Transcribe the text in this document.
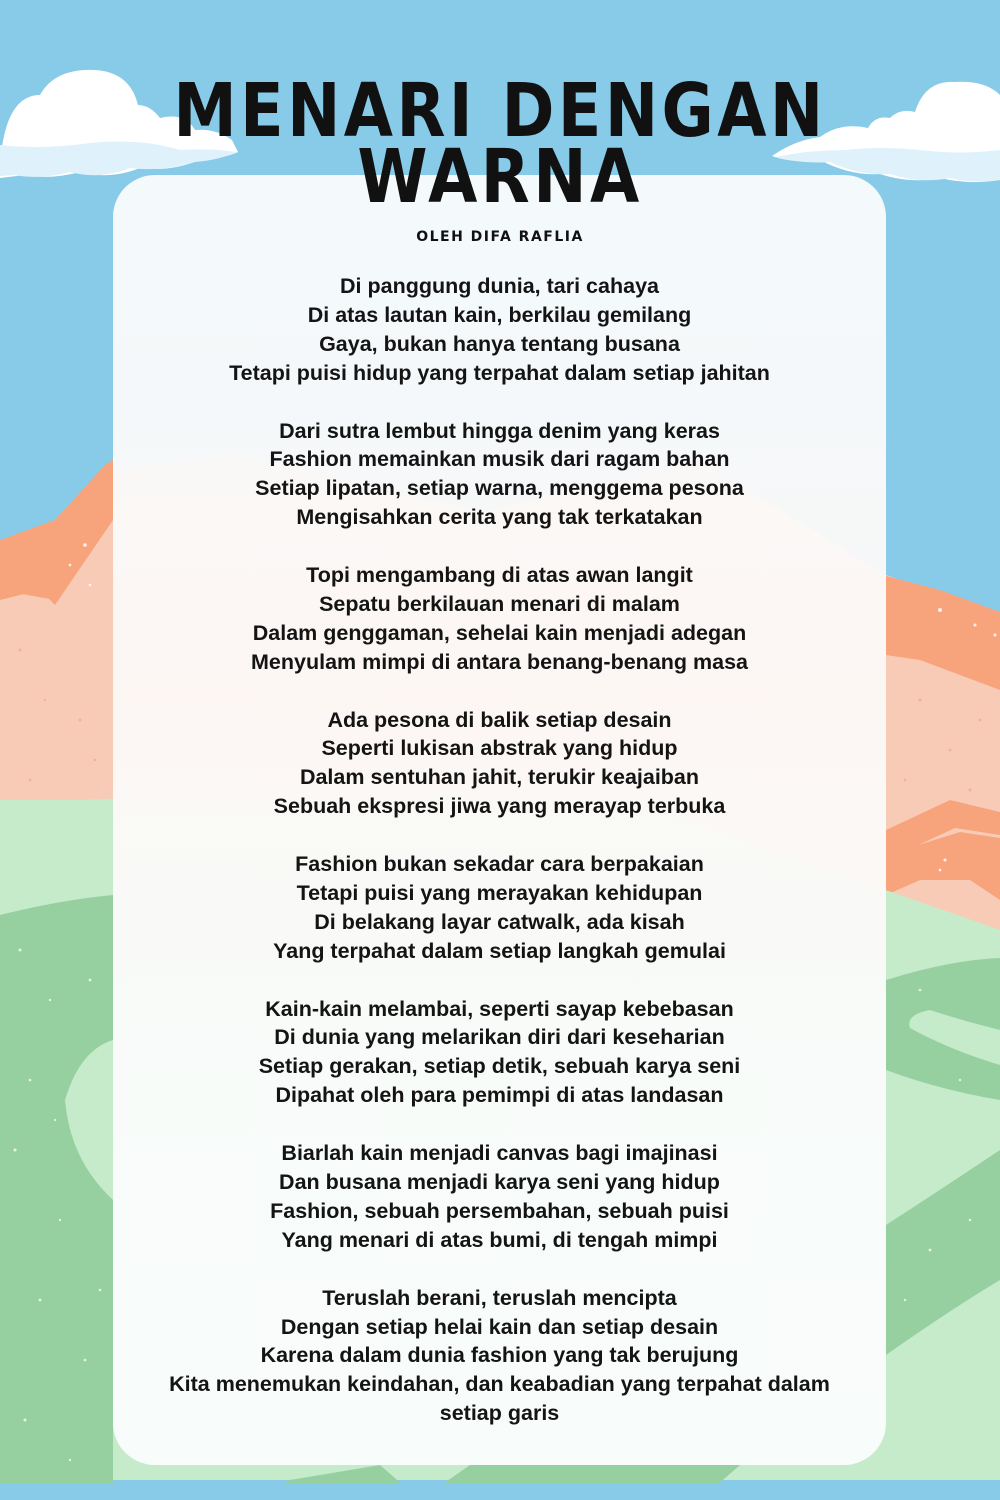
MENARI DENGAN
WARNA
OLEH DIFA RAFLIA
Di panggung dunia, tari cahaya
Di atas lautan kain, berkilau gemilang
Gaya, bukan hanya tentang busana
Tetapi puisi hidup yang terpahat dalam setiap jahitan
Dari sutra lembut hingga denim yang keras
Fashion memainkan musik dari ragam bahan
Setiap lipatan, setiap warna, menggema pesona
Mengisahkan cerita yang tak terkatakan
Topi mengambang di atas awan langit
Sepatu berkilauan menari di malam
Dalam genggaman, sehelai kain menjadi adegan
Menyulam mimpi di antara benang-benang masa
Ada pesona di balik setiap desain
Seperti lukisan abstrak yang hidup
Dalam sentuhan jahit, terukir keajaiban
Sebuah ekspresi jiwa yang merayap terbuka
Fashion bukan sekadar cara berpakaian
Tetapi puisi yang merayakan kehidupan
Di belakang layar catwalk, ada kisah
Yang terpahat dalam setiap langkah gemulai
Kain-kain melambai, seperti sayap kebebasan
Di dunia yang melarikan diri dari keseharian
Setiap gerakan, setiap detik, sebuah karya seni
Dipahat oleh para pemimpi di atas landasan
Biarlah kain menjadi canvas bagi imajinasi
Dan busana menjadi karya seni yang hidup
Fashion, sebuah persembahan, sebuah puisi
Yang menari di atas bumi, di tengah mimpi
Teruslah berani, teruslah mencipta
Dengan setiap helai kain dan setiap desain
Karena dalam dunia fashion yang tak berujung
Kita menemukan keindahan, dan keabadian yang terpahat dalam setiap garis
